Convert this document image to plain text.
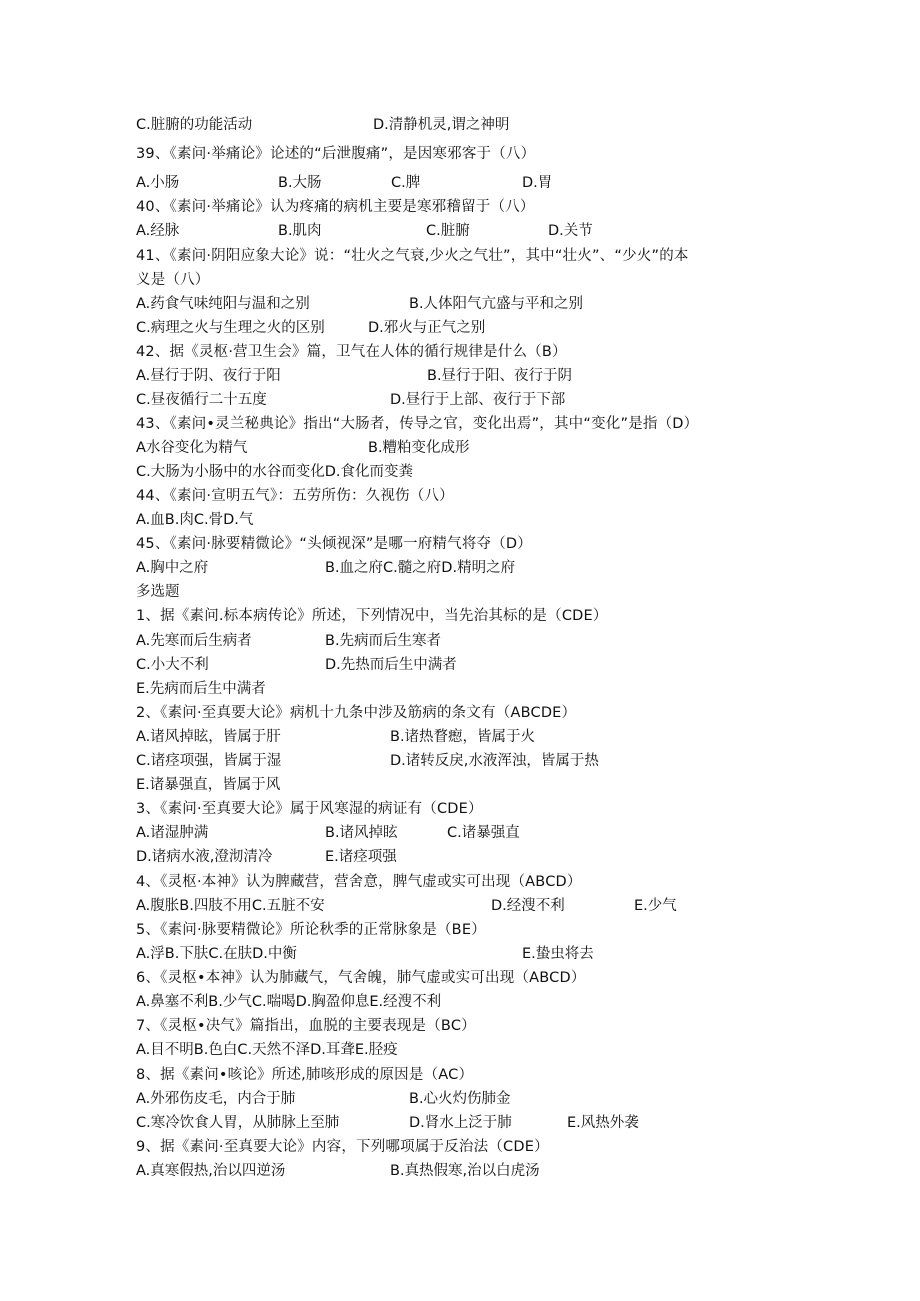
C.脏腑的功能活动	D.清静机灵,谓之神明
39、《素问·举痛论》论述的“后泄腹痛”，是因寒邪客于（八）
A.小肠	B.大肠	C.脾	D.胃
40、《素问·举痛论》认为疼痛的病机主要是寒邪稽留于（八）
A.经脉	B.肌肉	C.脏腑	D.关节
41、《素问·阴阳应象大论》说：“壮火之气衰,少火之气壮”，其中“壮火”、“少火”的本
义是（八）
A.药食气味纯阳与温和之别	B.人体阳气亢盛与平和之别
C.病理之火与生理之火的区别	D.邪火与正气之别
42、据《灵枢·营卫生会》篇，卫气在人体的循行规律是什么（B）
A.昼行于阴、夜行于阳	B.昼行于阳、夜行于阴
C.昼夜循行二十五度	D.昼行于上部、夜行于下部
43、《素问•灵兰秘典论》指出“大肠者，传导之官，变化出焉”，其中“变化”是指（D）
A水谷变化为精气	B.糟粕变化成形
C.大肠为小肠中的水谷而变化D.食化而变粪
44、《素问·宣明五气》：五劳所伤：久视伤（八）
A.血B.肉C.骨D.气
45、《素问·脉要精微论》“头倾视深”是哪一府精气将夺（D）
A.胸中之府	B.血之府C.髓之府D.精明之府
多选题
1、据《素问.标本病传论》所述，下列情况中，当先治其标的是（CDE）
A.先寒而后生病者	B.先病而后生寒者
C.小大不利	D.先热而后生中满者
E.先病而后生中满者
2、《素问·至真要大论》病机十九条中涉及筋病的条文有（ABCDE）
A.诸风掉眩，皆属于肝	B.诸热瞀瘛，皆属于火
C.诸痉项强，皆属于湿	D.诸转反戾,水液浑浊，皆属于热
E.诸暴强直，皆属于风
3、《素问·至真要大论》属于风寒湿的病证有（CDE）
A.诸湿肿满	B.诸风掉眩	C.诸暴强直
D.诸病水液,澄沏清冷	E.诸痉项强
4、《灵枢·本神》认为脾藏营，营舍意，脾气虚或实可出现（ABCD）
A.腹胀B.四肢不用C.五脏不安	D.经溲不利	E.少气
5、《素问·脉要精微论》所论秋季的正常脉象是（BE）
A.浮B.下肤C.在肤D.中衡	E.蛰虫将去
6、《灵枢•本神》认为肺藏气，气舍魄，肺气虚或实可出现（ABCD）
A.鼻塞不利B.少气C.喘喝D.胸盈仰息E.经溲不利
7、《灵枢•决气》篇指出，血脱的主要表现是（BC）
A.目不明B.色白C.天然不泽D.耳聋E.胫疫
8、据《素问•咳论》所述,肺咳形成的原因是（AC）
A.外邪伤皮毛，内合于肺	B.心火灼伤肺金
C.寒冷饮食人胃，从肺脉上至肺	D.肾水上泛于肺	E.风热外袭
9、据《素问·至真要大论》内容，下列哪项属于反治法（CDE）
A.真寒假热,治以四逆汤	B.真热假寒,治以白虎汤
